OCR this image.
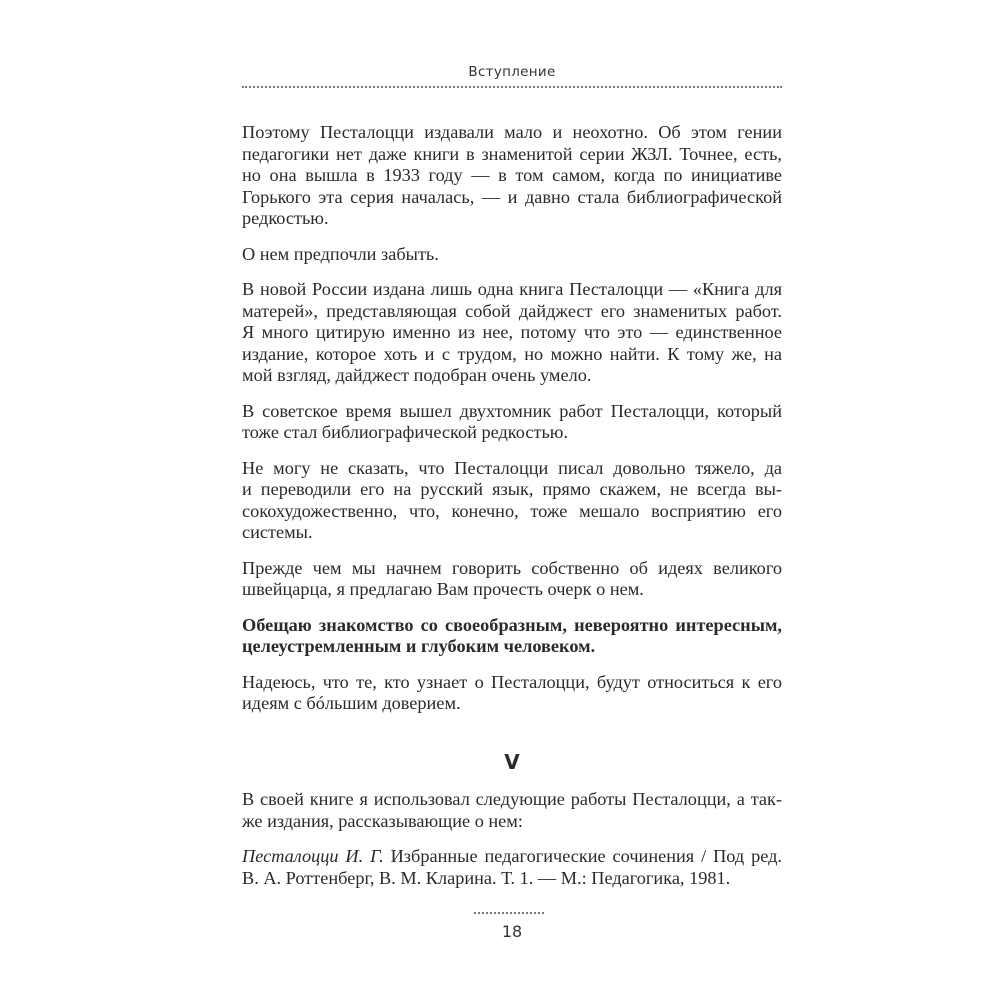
Вступление

Поэтому Песталоцци издавали мало и неохотно. Об этом гении
педагогики нет даже книги в знаменитой серии ЖЗЛ. Точнее, есть,
но она вышла в 1933 году — в том самом, когда по инициативе
Горького эта серия началась, — и давно стала библиографической
редкостью.

О нем предпочли забыть.

В новой России издана лишь одна книга Песталоцци — «Книга для
матерей», представляющая собой дайджест его знаменитых работ.
Я много цитирую именно из нее, потому что это — единственное
издание, которое хоть и с трудом, но можно найти. К тому же, на
мой взгляд, дайджест подобран очень умело.

В советское время вышел двухтомник работ Песталоцци, который
тоже стал библиографической редкостью.

Не могу не сказать, что Песталоцци писал довольно тяжело, да
и переводили его на русский язык, прямо скажем, не всегда вы-
сокохудожественно, что, конечно, тоже мешало восприятию его
системы.

Прежде чем мы начнем говорить собственно об идеях великого
швейцарца, я предлагаю Вам прочесть очерк о нем.

Обещаю знакомство со своеобразным, невероятно интересным,
целеустремленным и глубоким человеком.

Надеюсь, что те, кто узнает о Песталоцци, будут относиться к его
идеям с бóльшим доверием.

V

В своей книге я использовал следующие работы Песталоцци, а так-
же издания, рассказывающие о нем:

Песталоцци И. Г. Избранные педагогические сочинения / Под ред.
В. А. Роттенберг, В. М. Кларина. Т. 1. — М.: Педагогика, 1981.

18
